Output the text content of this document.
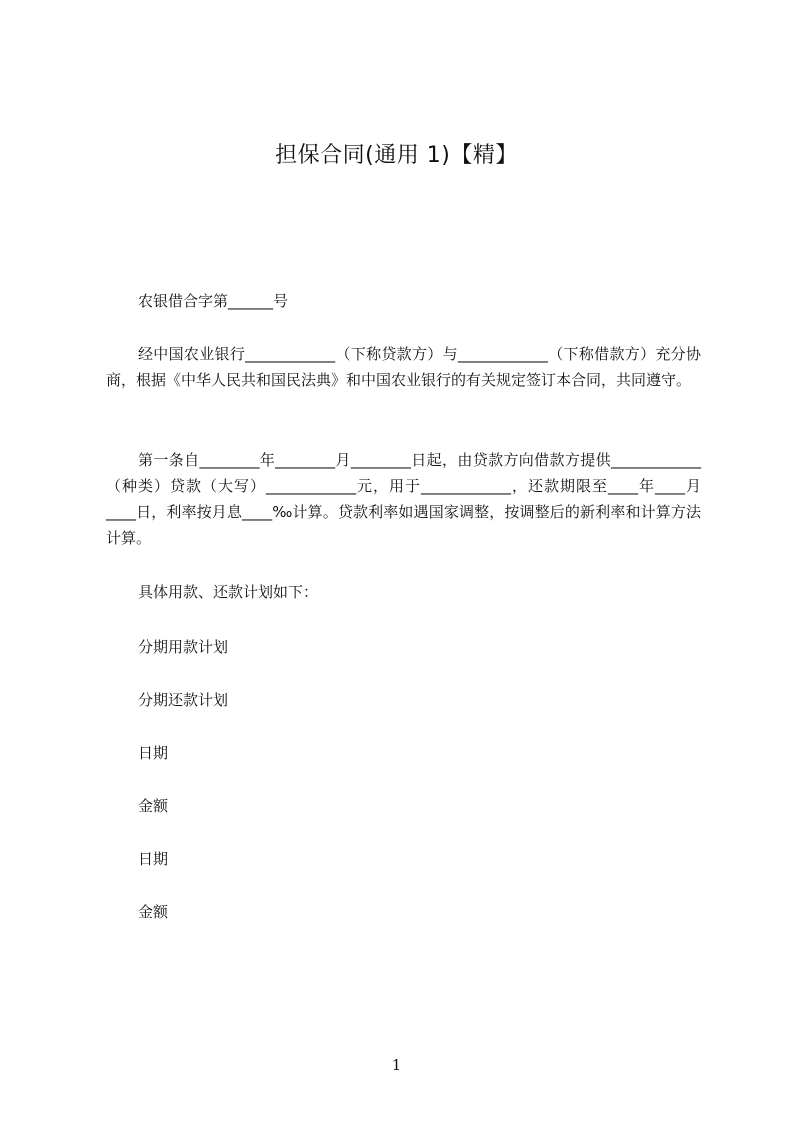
担保合同(通用 1)【精】

农银借合字第______号

经中国农业银行____________（下称贷款方）与____________（下称借款方）充分协商，根据《中华人民共和国民法典》和中国农业银行的有关规定签订本合同，共同遵守。

第一条自________年________月________日起，由贷款方向借款方提供____________（种类）贷款（大写）____________元，用于____________，还款期限至____年____月____日，利率按月息____‰计算。贷款利率如遇国家调整，按调整后的新利率和计算方法计算。

具体用款、还款计划如下：

分期用款计划

分期还款计划

日期

金额

日期

金额

1
